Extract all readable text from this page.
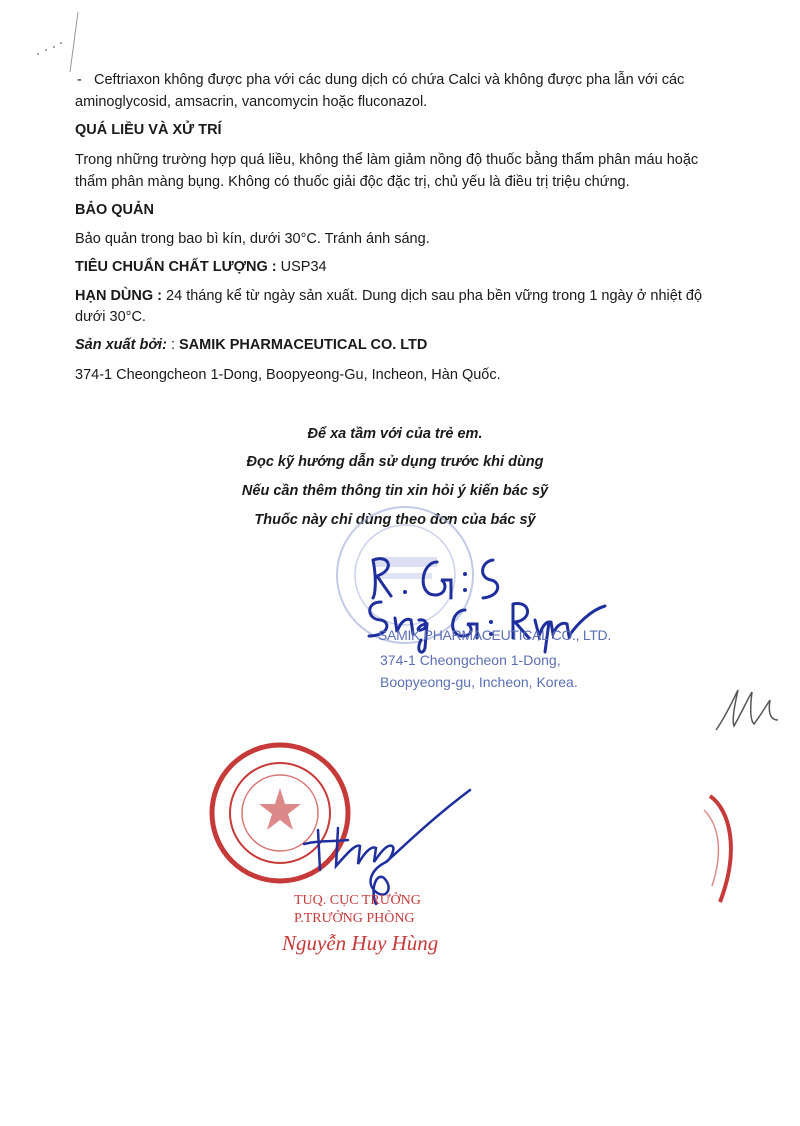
- Ceftriaxon không được pha với các dung dịch có chứa Calci và không được pha lẫn với các
aminoglycosid, amsacrin, vancomycin hoặc fluconazol.
QUÁ LIỀU VÀ XỬ TRÍ
Trong những trường hợp quá liều, không thể làm giảm nồng độ thuốc bằng thẩm phân máu hoặc
thẩm phân màng bụng. Không có thuốc giải độc đặc trị, chủ yếu là điều trị triệu chứng.
BẢO QUẢN
Bảo quản trong bao bì kín, dưới 30°C. Tránh ánh sáng.
TIÊU CHUẨN CHẤT LƯỢNG : USP34
HẠN DÙNG : 24 tháng kể từ ngày sản xuất. Dung dịch sau pha bền vững trong 1 ngày ở nhiệt độ
dưới 30°C.
Sản xuất bởi: : SAMIK PHARMACEUTICAL CO. LTD
374-1 Cheongcheon 1-Dong, Boopyeong-Gu, Incheon, Hàn Quốc.
Để xa tầm với của trẻ em.
Đọc kỹ hướng dẫn sử dụng trước khi dùng
Nếu cần thêm thông tin xin hỏi ý kiến bác sỹ
Thuốc này chỉ dùng theo đơn của bác sỹ
SAMIK PHARMACEUTICAL CO., LTD.
374-1 Cheongcheon 1-Dong,
Boopyeong-gu, Incheon, Korea.
TUQ. CỤC TRƯỞNG
P.TRƯỞNG PHÒNG
Nguyễn Huy Hùng
